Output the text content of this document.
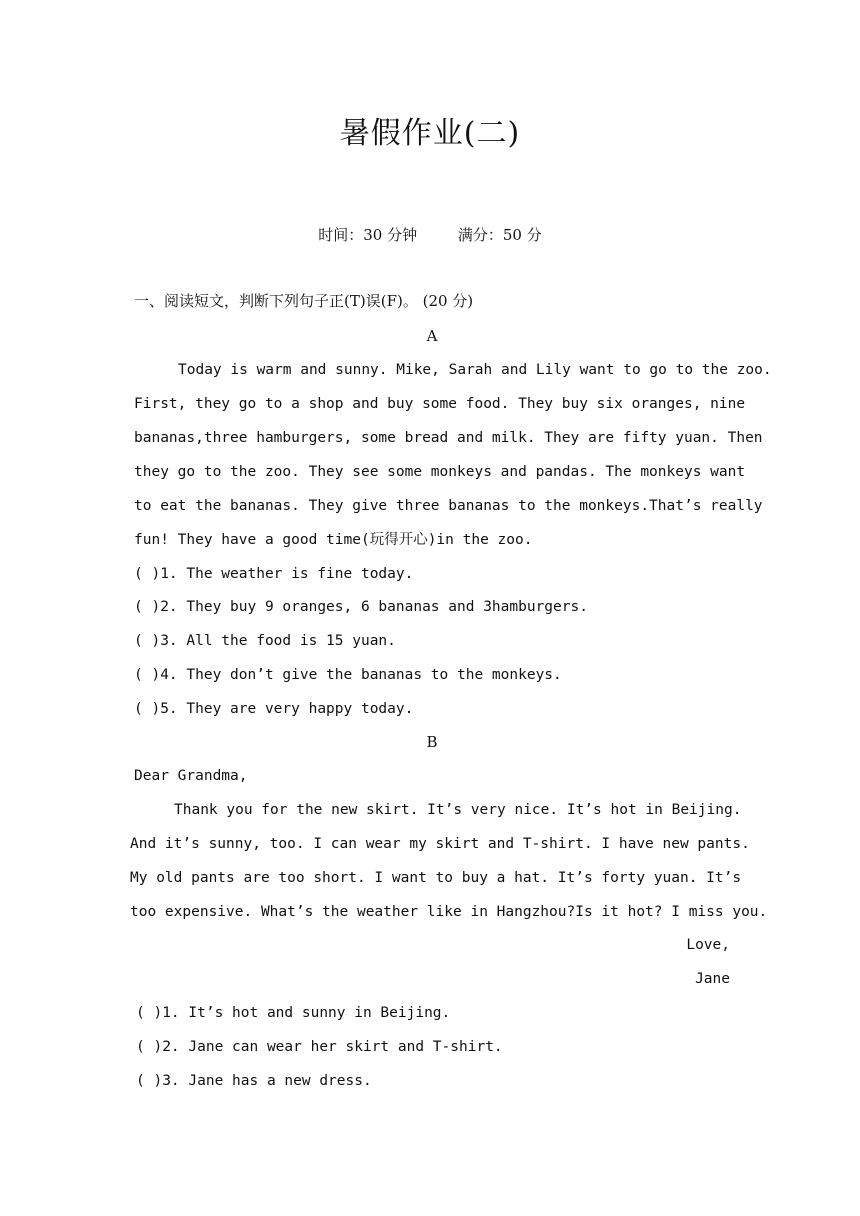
暑假作业(二)
时间：30 分钟	满分：50 分
一、阅读短文，判断下列句子正(T)误(F)。 (20 分)
A
Today is warm and sunny. Mike, Sarah and Lily want to go to the zoo.
First, they go to a shop and buy some food. They buy six oranges, nine
bananas,three hamburgers, some bread and milk. They are fifty yuan. Then
they go to the zoo. They see some monkeys and pandas. The monkeys want
to eat the bananas. They give three bananas to the monkeys.That’s really
fun! They have a good time(玩得开心)in the zoo.
( )1. The weather is fine today.
( )2. They buy 9 oranges, 6 bananas and 3hamburgers.
( )3. All the food is 15 yuan.
( )4. They don’t give the bananas to the monkeys.
( )5. They are very happy today.
B
Dear Grandma,
Thank you for the new skirt. It’s very nice. It’s hot in Beijing.
And it’s sunny, too. I can wear my skirt and T-shirt. I have new pants.
My old pants are too short. I want to buy a hat. It’s forty yuan. It’s
too expensive. What’s the weather like in Hangzhou?Is it hot? I miss you.
Love,
Jane
( )1. It’s hot and sunny in Beijing.
( )2. Jane can wear her skirt and T-shirt.
( )3. Jane has a new dress.
